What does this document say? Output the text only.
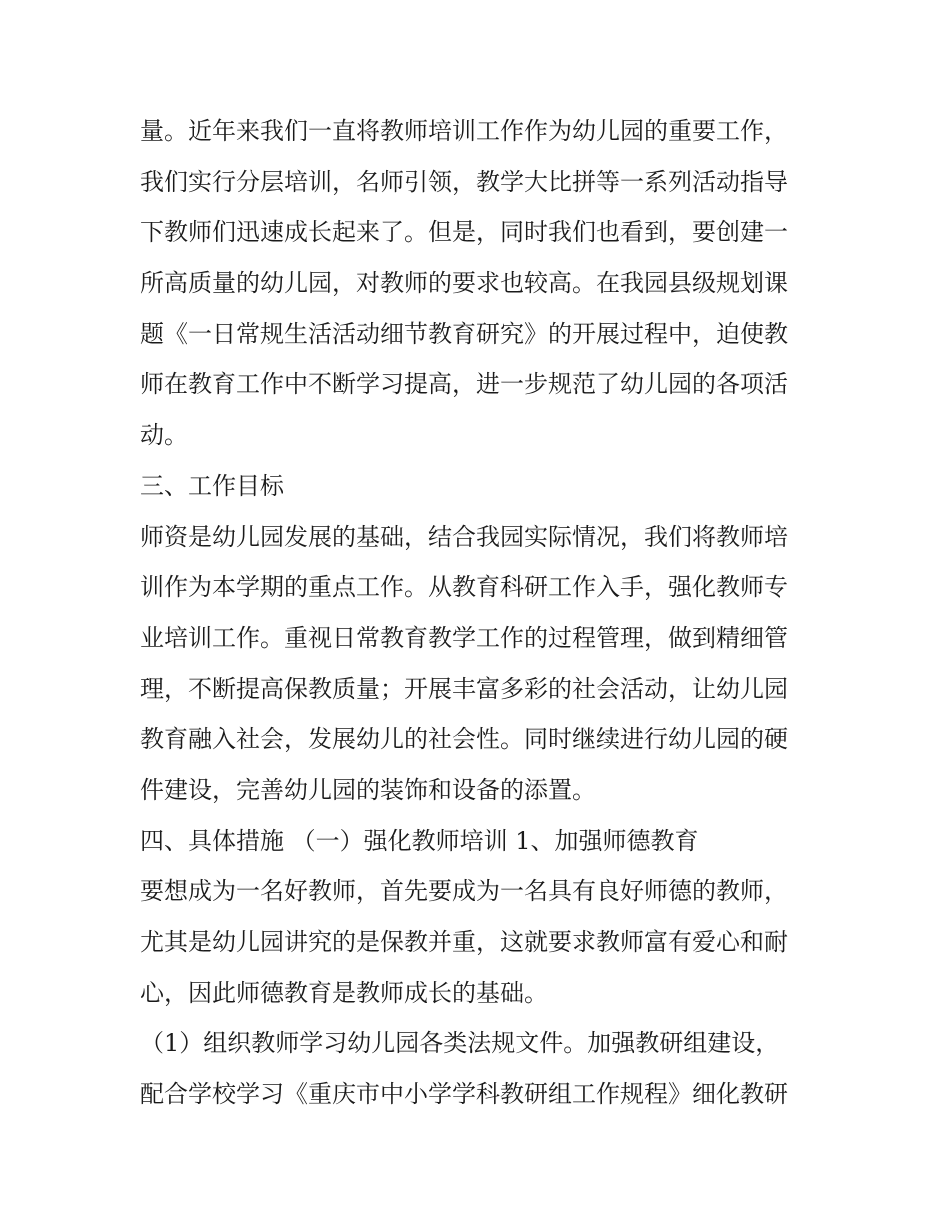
量。近年来我们一直将教师培训工作作为幼儿园的重要工作，
我们实行分层培训，名师引领，教学大比拼等一系列活动指导
下教师们迅速成长起来了。但是，同时我们也看到，要创建一
所高质量的幼儿园，对教师的要求也较高。在我园县级规划课
题《一日常规生活活动细节教育研究》的开展过程中，迫使教
师在教育工作中不断学习提高，进一步规范了幼儿园的各项活
动。
三、工作目标
师资是幼儿园发展的基础，结合我园实际情况，我们将教师培
训作为本学期的重点工作。从教育科研工作入手，强化教师专
业培训工作。重视日常教育教学工作的过程管理，做到精细管
理，不断提高保教质量；开展丰富多彩的社会活动，让幼儿园
教育融入社会，发展幼儿的社会性。同时继续进行幼儿园的硬
件建设，完善幼儿园的装饰和设备的添置。
四、具体措施 （一）强化教师培训 1、加强师德教育
要想成为一名好教师，首先要成为一名具有良好师德的教师，
尤其是幼儿园讲究的是保教并重，这就要求教师富有爱心和耐
心，因此师德教育是教师成长的基础。
（1）组织教师学习幼儿园各类法规文件。加强教研组建设，
配合学校学习《重庆市中小学学科教研组工作规程》细化教研
